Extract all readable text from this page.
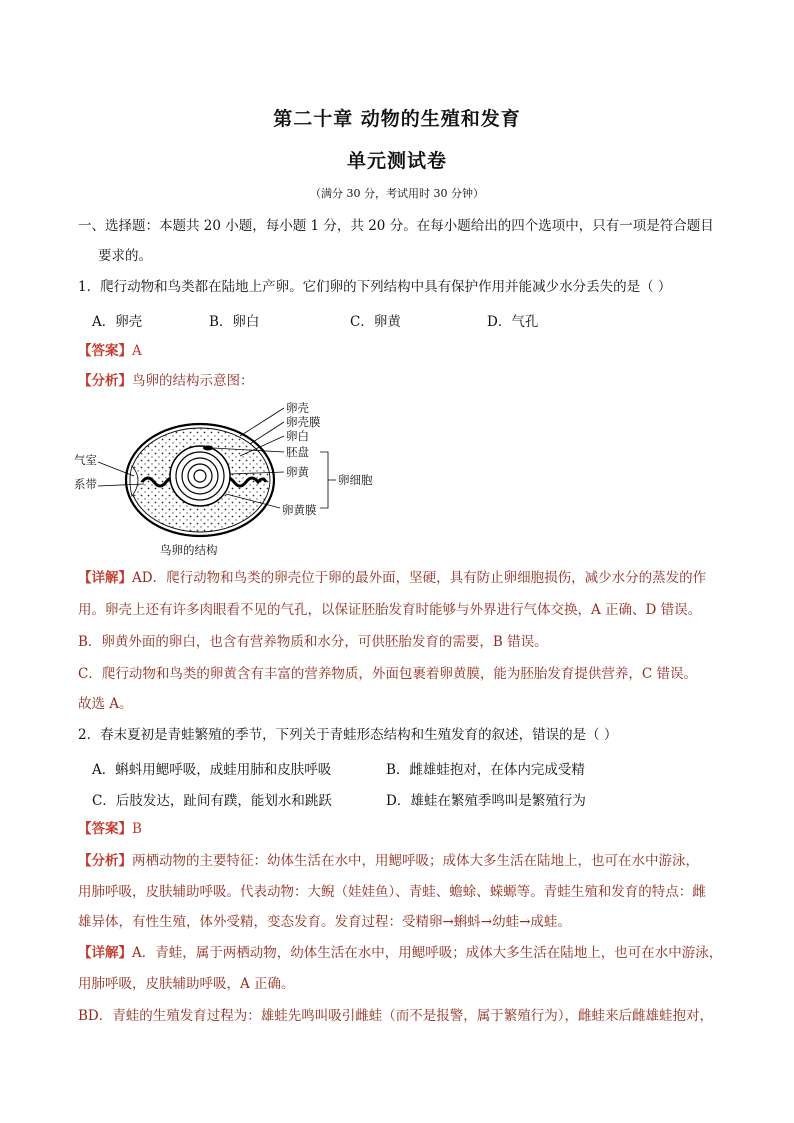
第二十章 动物的生殖和发育
单元测试卷
（满分 30 分，考试用时 30 分钟）
一、选择题：本题共 20 小题，每小题 1 分，共 20 分。在每小题给出的四个选项中，只有一项是符合题目
要求的。
1．爬行动物和鸟类都在陆地上产卵。它们卵的下列结构中具有保护作用并能减少水分丢失的是（ ）
A．卵壳	B．卵白	C．卵黄	D．气孔
【答案】A
【分析】鸟卵的结构示意图：
卵壳
卵壳膜
卵白
胚盘
卵黄
卵细胞
卵黄膜
气室
系带
鸟卵的结构
【详解】AD．爬行动物和鸟类的卵壳位于卵的最外面，坚硬，具有防止卵细胞损伤，减少水分的蒸发的作
用。卵壳上还有许多肉眼看不见的气孔，以保证胚胎发育时能够与外界进行气体交换，A 正确、D 错误。
B．卵黄外面的卵白，也含有营养物质和水分，可供胚胎发育的需要，B 错误。
C．爬行动物和鸟类的卵黄含有丰富的营养物质，外面包裹着卵黄膜，能为胚胎发育提供营养，C 错误。
故选 A。
2．春末夏初是青蛙繁殖的季节，下列关于青蛙形态结构和生殖发育的叙述，错误的是（ ）
A．蝌蚪用鳃呼吸，成蛙用肺和皮肤呼吸	B．雌雄蛙抱对，在体内完成受精
C．后肢发达，趾间有蹼，能划水和跳跃	D．雄蛙在繁殖季鸣叫是繁殖行为
【答案】B
【分析】两栖动物的主要特征：幼体生活在水中，用鳃呼吸；成体大多生活在陆地上，也可在水中游泳，
用肺呼吸，皮肤辅助呼吸。代表动物：大鲵（娃娃鱼）、青蛙、蟾蜍、蝾螈等。青蛙生殖和发育的特点：雌
雄异体，有性生殖，体外受精，变态发育。发育过程：受精卵→蝌蚪→幼蛙→成蛙。
【详解】A．青蛙，属于两栖动物，幼体生活在水中，用鳃呼吸；成体大多生活在陆地上，也可在水中游泳，
用肺呼吸，皮肤辅助呼吸，A 正确。
BD．青蛙的生殖发育过程为：雄蛙先鸣叫吸引雌蛙（而不是报警，属于繁殖行为），雌蛙来后雌雄蛙抱对，
